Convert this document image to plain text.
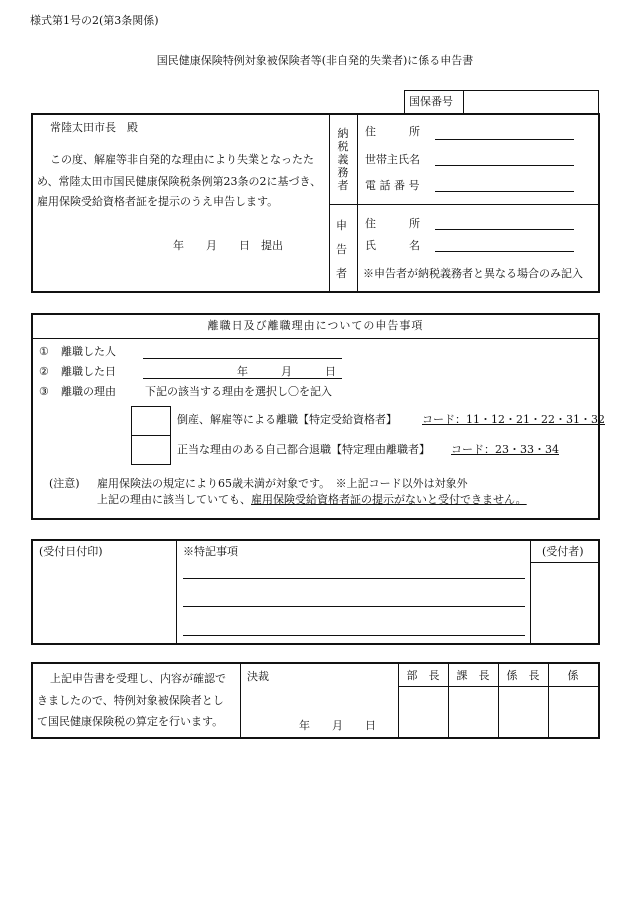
様式第1号の2(第3条関係)
国民健康保険特例対象被保険者等(非自発的失業者)に係る申告書
国保番号
常陸太田市長　殿
この度、解雇等非自発的な理由により失業となったた
め、常陸太田市国民健康保険税条例第23条の2に基づき、
雇用保険受給資格者証を提示のうえ申告します。
年　　月　　日　提出
納
税
義
務
者
住　　　所
世帯主氏名
電 話 番 号
申
告
者
住　　　所
氏　　　名
※申告者が納税義務者と異なる場合のみ記入
離職日及び離職理由についての申告事項
① 離職した人
② 離職した日	年　　　月　　　日
③ 離職の理由	下記の該当する理由を選択し〇を記入
倒産、解雇等による離職【特定受給資格者】 コード：11・12・21・22・31・32
正当な理由のある自己都合退職【特定理由離職者】 コード：23・33・34
(注意) 雇用保険法の規定により65歳未満が対象です。　※上記コード以外は対象外
上記の理由に該当していても、雇用保険受給資格者証の提示がないと受付できません。
(受付日付印)	※特記事項	(受付者)
上記申告書を受理し、内容が確認で
きましたので、特例対象被保険者とし
て国民健康保険税の算定を行います。
決裁
年　　月　　日
部　長	課　長	係　長	係
